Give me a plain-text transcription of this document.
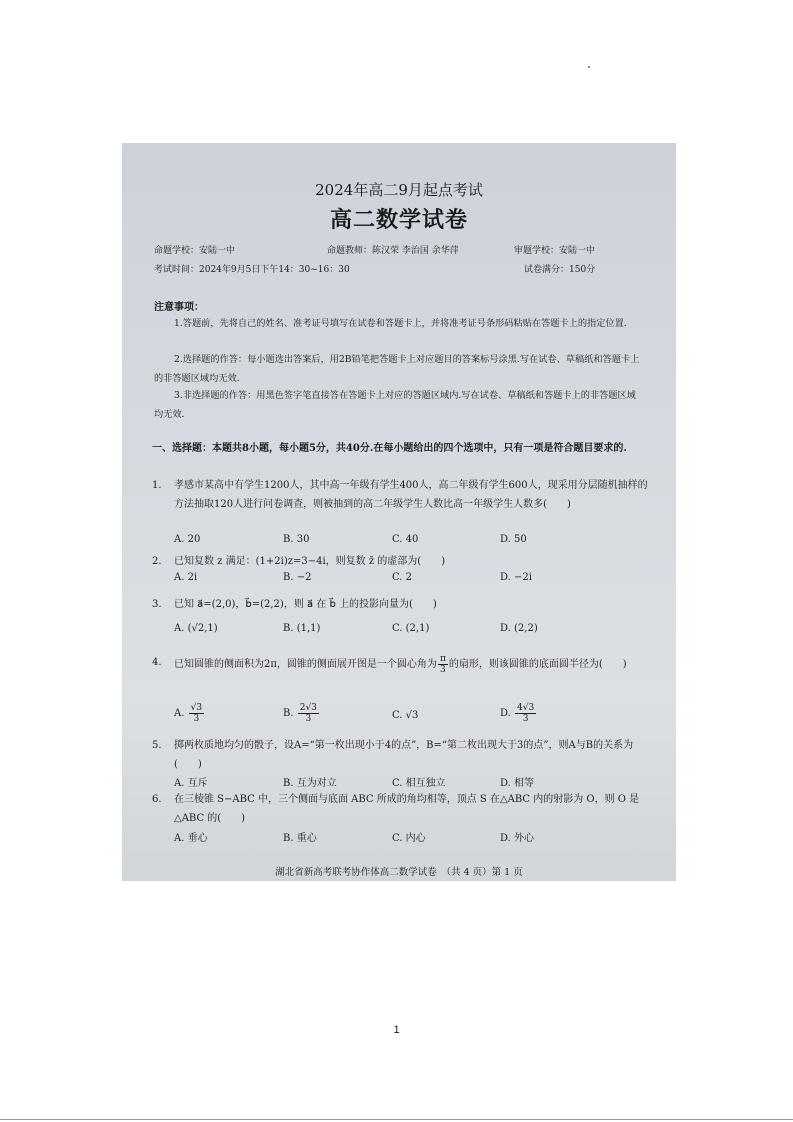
2024年高二9月起点考试
高二数学试卷
命题学校：安陆一中	命题教师：陈汉荣 李治国 余华萍	审题学校：安陆一中
考试时间：2024年9月5日下午14：30~16：30	试卷满分：150分
注意事项：
1.答题前，先将自己的姓名、准考证号填写在试卷和答题卡上，并将准考证号条形码粘贴在答题卡上的指定位置.
2.选择题的作答：每小题选出答案后，用2B铅笔把答题卡上对应题目的答案标号涂黑.写在试卷、草稿纸和答题卡上的非答题区域均无效.
3.非选择题的作答：用黑色签字笔直接答在答题卡上对应的答题区域内.写在试卷、草稿纸和答题卡上的非答题区域均无效.
一、选择题：本题共8小题，每小题5分，共40分.在每小题给出的四个选项中，只有一项是符合题目要求的.
1. 孝感市某高中有学生1200人，其中高一年级有学生400人，高二年级有学生600人，现采用分层随机抽样的方法抽取120人进行问卷调查，则被抽到的高二年级学生人数比高一年级学生人数多(　　)
A. 20	B. 30	C. 40	D. 50
2. 已知复数 z 满足：(1+2i)z=3−4i，则复数 z̄ 的虚部为(　　)
A. 2i	B. −2	C. 2	D. −2i
3. 已知 a⃗=(2,0)，b⃗=(2,2)，则 a⃗ 在 b⃗ 上的投影向量为(　　)
A. (√2,1)	B. (1,1)	C. (2,1)	D. (2,2)
4. 已知圆锥的侧面积为2π，圆锥的侧面展开图是一个圆心角为 $\frac{\pi}{3}$ 的扇形，则该圆锥的底面圆半径为(　　)
A. $\frac{√3}{3}$	B. $\frac{2√3}{3}$	C. √3	D. $\frac{4√3}{3}$
5. 掷两枚质地均匀的骰子，设A=“第一枚出现小于4的点”，B=“第二枚出现大于3的点”，则A与B的关系为(　　)
A. 互斥	B. 互为对立	C. 相互独立	D. 相等
6. 在三棱锥 S−ABC 中，三个侧面与底面 ABC 所成的角均相等，顶点 S 在△ABC 内的射影为 O，则 O 是△ABC 的(　　)
A. 垂心	B. 重心	C. 内心	D. 外心
湖北省新高考联考协作体高二数学试卷　（共 4 页）第 1 页
1
